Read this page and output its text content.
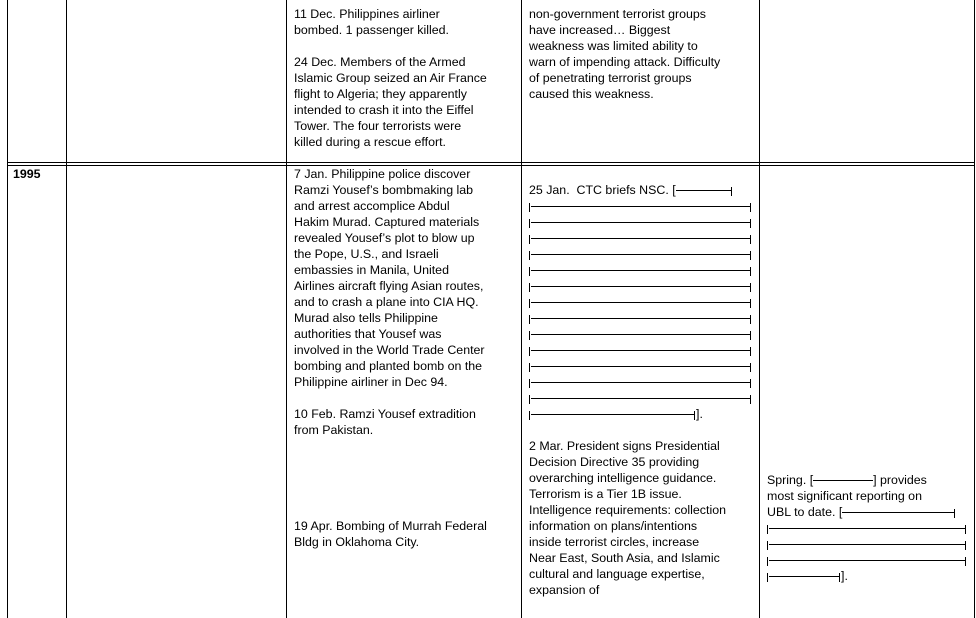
11 Dec. Philippines airliner

bombed. 1 passenger killed.

24 Dec. Members of the Armed

Islamic Group seized an Air France

flight to Algeria; they apparently

intended to crash it into the Eiffel

Tower. The four terrorists were

killed during a rescue effort.

non-government terrorist groups

have increased… Biggest

weakness was limited ability to

warn of impending attack. Difficulty

of penetrating terrorist groups

caused this weakness.

1995	7 Jan. Philippine police discover

Ramzi Yousef’s bombmaking lab

and arrest accomplice Abdul

Hakim Murad. Captured materials

revealed Yousef’s plot to blow up

the Pope, U.S., and Israeli

embassies in Manila, United

Airlines aircraft flying Asian routes,

and to crash a plane into CIA HQ.

Murad also tells Philippine

authorities that Yousef was

involved in the World Trade Center

bombing and planted bomb on the

Philippine airliner in Dec 94.

10 Feb. Ramzi Yousef extradition

from Pakistan.

19 Apr. Bombing of Murrah Federal

Bldg in Oklahoma City.

25 Jan.  CTC briefs NSC. [
].

2 Mar. President signs Presidential

Decision Directive 35 providing

overarching intelligence guidance.

Terrorism is a Tier 1B issue.

Intelligence requirements: collection

information on plans/intentions

inside terrorist circles, increase

Near East, South Asia, and Islamic

cultural and language expertise,

expansion of

Spring. [	] provides

most significant reporting on

UBL to date. [
].
